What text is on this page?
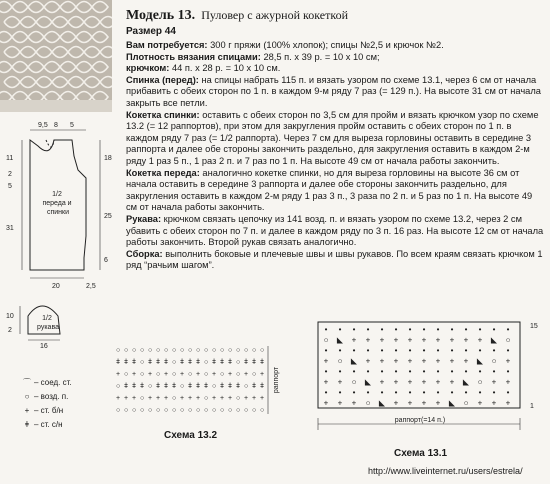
Модель 13. Пуловер с ажурной кокеткой
Размер 44

Вам потребуется: 300 г пряжи (100% хлопок); спицы №2,5 и крючок №2.

Плотность вязания спицами: 28,5 п. х 39 р. = 10 х 10 см;

крючком: 44 п. х 28 р. = 10 х 10 см.

Спинка (перед): на спицы набрать 115 п. и вязать узором по схеме 13.1, через 6 см от начала прибавить с обеих сторон по 1 п. в каждом 9-м ряду 7 раз (= 129 п.). На высоте 31 см от начала закрыть все петли.

Кокетка спинки: оставить с обеих сторон по 3,5 см для пройм и вязать крючком узор по схеме 13.2 (= 12 раппортов), при этом для закругления пройм оставить с обеих сторон по 1 п. в каждом ряду 7 раз (= 1/2 раппорта). Через 7 см для выреза горловины оставить в середине 3 раппорта и далее обе стороны закончить раздельно, для закругления оставить в каждом 2-м ряду 1 раз 5 п., 1 раз 2 п. и 7 раз по 1 п. На высоте 49 см от начала работы закончить.

Кокетка переда: аналогично кокетке спинки, но для выреза горловины на высоте 36 см от начала оставить в середине 3 раппорта и далее обе стороны закончить раздельно, для закругления оставить в каждом 2-м ряду 1 раз 3 п., 3 раза по 2 п. и 5 раз по 1 п. На высоте 49 см от начала работы закончить.

Рукава: крючком связать цепочку из 141 возд. п. и вязать узором по схеме 13.2, через 2 см убавить с обеих сторон по 7 п. и далее в каждом ряду по 3 п. 16 раз. На высоте 12 см от начала работы закончить. Второй рукав связать аналогично.

Сборка: выполнить боковые и плечевые швы и швы рукавов. По всем краям связать крючком 1 ряд “рачьим шагом”.

9,5 8 5
11
2
5
31
18
25
6
20	2,5
1/2 переда и спинки
10
2
16
1/2 рукава
⌒ – соед. ст.
○ – возд. п.
+ – ст. б/н
ǂ – ст. с/н
○ ○ ○ ○ ○ ○ ○ ○ ○ ○ ○ ○ ○ ○ ○ ○ ○ ○ ○
ǂ ǂ ǂ ○ ǂ ǂ ǂ ○ ǂ ǂ ǂ ○ ǂ ǂ ǂ ○ ǂ ǂ ǂ
+ ○ + ○ + ○ + ○ + ○ + ○ + ○ + ○ + ○ +
○ ǂ ǂ ǂ ○ ǂ ǂ ǂ ○ ǂ ǂ ǂ ○ ǂ ǂ ǂ ○ ǂ ǂ
+ + + ○ + + + ○ + + + ○ + + + ○ + + +
○ ○ ○ ○ ○ ○ ○ ○ ○ ○ ○ ○ ○ ○ ○ ○ ○ ○ ○
раппорт
Схема 13.2
• • • • • • • • • • • • • •
○ ◣ + + + + + + + + + + ◣ ○
• • • • • • • • • • • • • •
+ ○ ◣ + + + + + + + + ◣ ○ +
• • • • • • • • • • • • • •
+ + ○ ◣ + + + + + + ◣ ○ + +
• • • • • • • • • • • • • •
+ + + ○ ◣ + + + + ◣ ○ + + +
15
1
раппорт(=14 п.)
Схема 13.1
http://www.liveinternet.ru/users/estrela/
